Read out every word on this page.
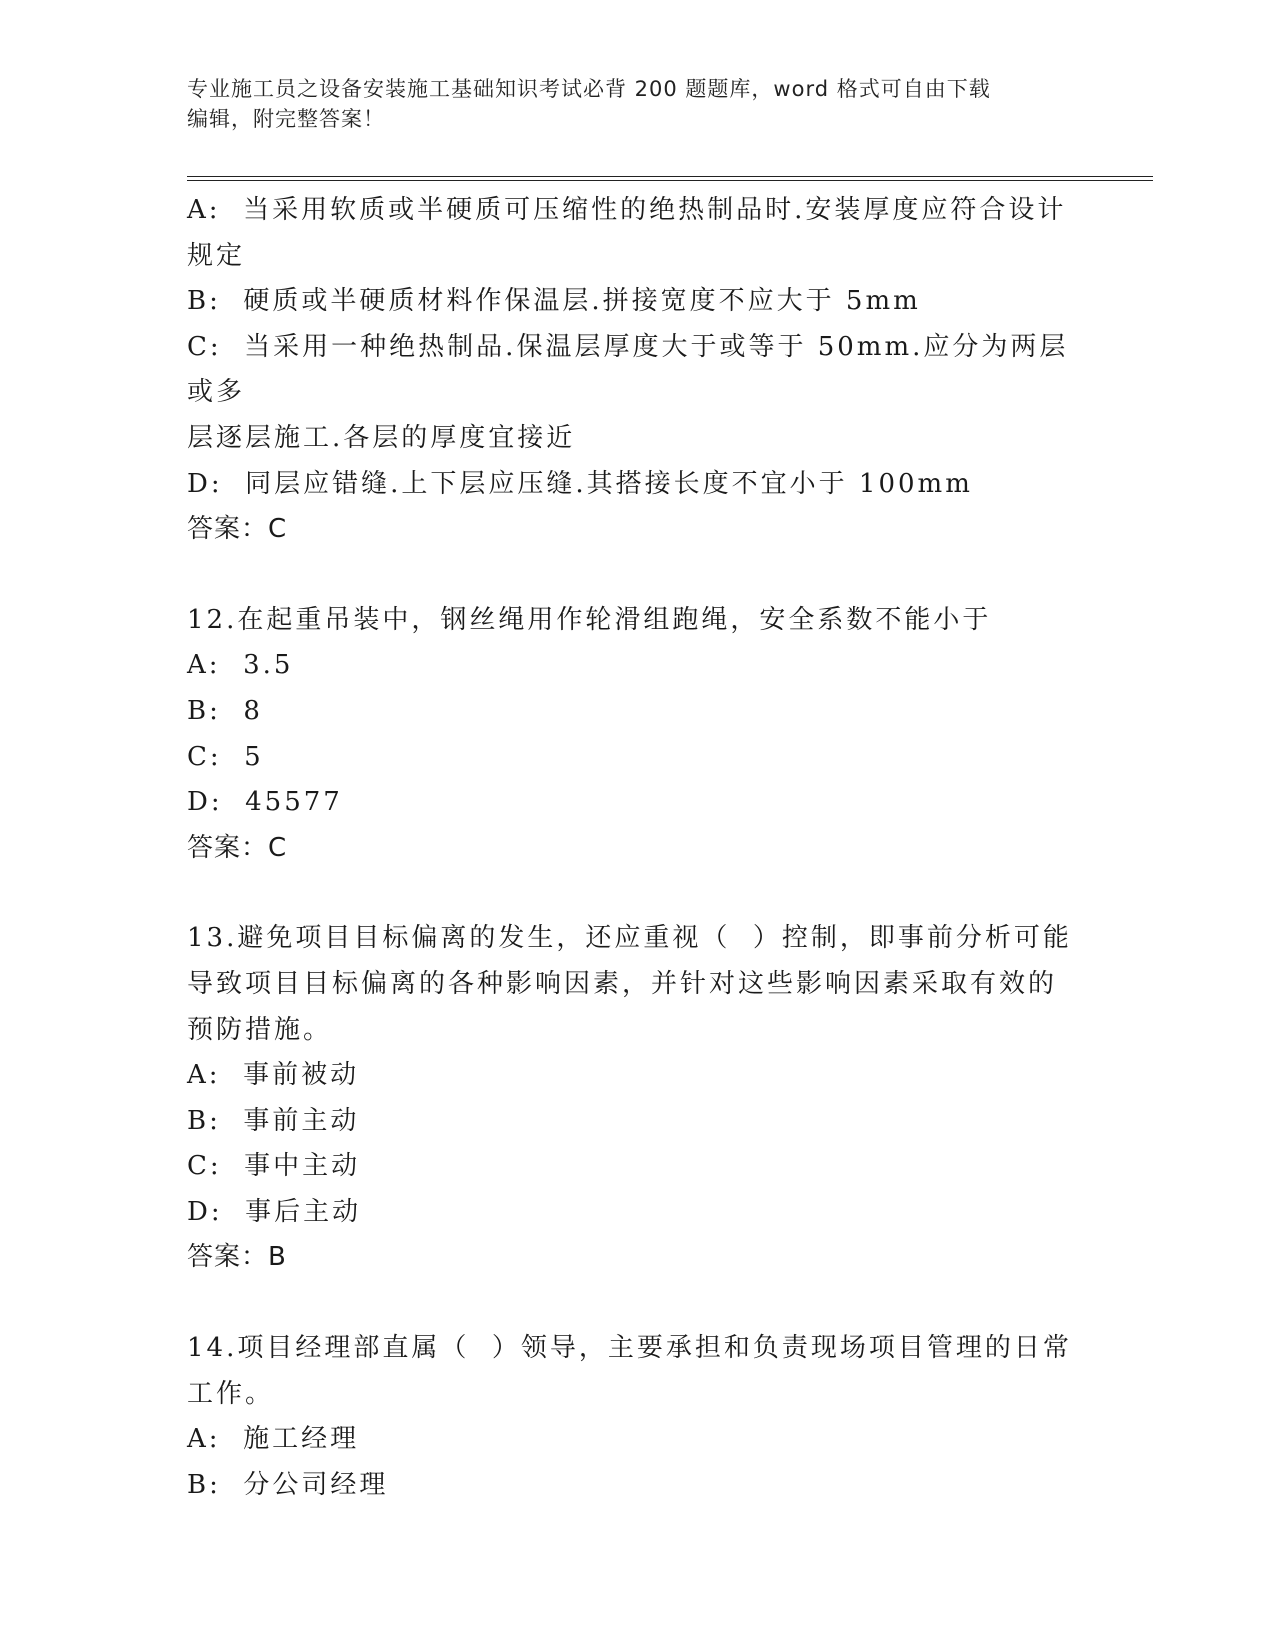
专业施工员之设备安装施工基础知识考试必背 200 题题库，word 格式可自由下载
编辑，附完整答案！
A:  当采用软质或半硬质可压缩性的绝热制品时.安装厚度应符合设计
规定
B:  硬质或半硬质材料作保温层.拼接宽度不应大于 5mm
C:  当采用一种绝热制品.保温层厚度大于或等于 50mm.应分为两层或多
层逐层施工.各层的厚度宜接近
D:  同层应错缝.上下层应压缝.其搭接长度不宜小于 100mm
答案：C
12.在起重吊装中，钢丝绳用作轮滑组跑绳，安全系数不能小于
A:  3.5
B:  8
C:  5
D:  45577
答案：C
13.避免项目目标偏离的发生，还应重视（  ）控制，即事前分析可能
导致项目目标偏离的各种影响因素，并针对这些影响因素采取有效的
预防措施。
A:  事前被动
B:  事前主动
C:  事中主动
D:  事后主动
答案：B
14.项目经理部直属（  ）领导，主要承担和负责现场项目管理的日常
工作。
A:  施工经理
B:  分公司经理
